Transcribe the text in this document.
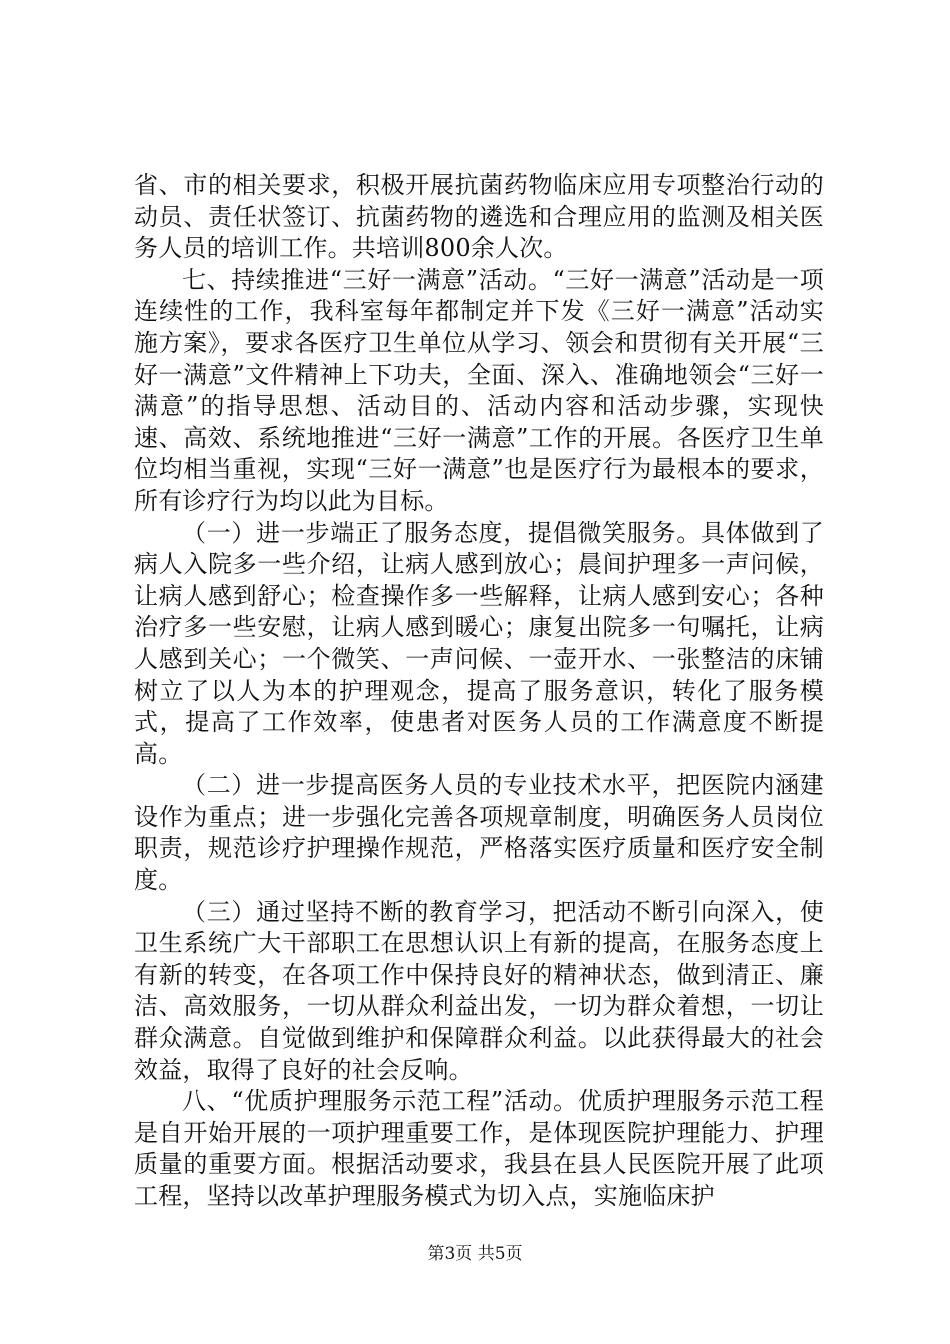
省、市的相关要求，积极开展抗菌药物临床应用专项整治行动的动员、责任状签订、抗菌药物的遴选和合理应用的监测及相关医务人员的培训工作。共培训800余人次。

七、持续推进“三好一满意”活动。“三好一满意”活动是一项连续性的工作，我科室每年都制定并下发《三好一满意”活动实施方案》，要求各医疗卫生单位从学习、领会和贯彻有关开展“三好一满意”文件精神上下功夫，全面、深入、准确地领会“三好一满意”的指导思想、活动目的、活动内容和活动步骤，实现快速、高效、系统地推进“三好一满意”工作的开展。各医疗卫生单位均相当重视，实现“三好一满意”也是医疗行为最根本的要求，所有诊疗行为均以此为目标。

（一）进一步端正了服务态度，提倡微笑服务。具体做到了病人入院多一些介绍，让病人感到放心；晨间护理多一声问候，让病人感到舒心；检查操作多一些解释，让病人感到安心；各种治疗多一些安慰，让病人感到暖心；康复出院多一句嘱托，让病人感到关心；一个微笑、一声问候、一壶开水、一张整洁的床铺树立了以人为本的护理观念，提高了服务意识，转化了服务模式，提高了工作效率，使患者对医务人员的工作满意度不断提高。

（二）进一步提高医务人员的专业技术水平，把医院内涵建设作为重点；进一步强化完善各项规章制度，明确医务人员岗位职责，规范诊疗护理操作规范，严格落实医疗质量和医疗安全制度。

（三）通过坚持不断的教育学习，把活动不断引向深入，使卫生系统广大干部职工在思想认识上有新的提高，在服务态度上有新的转变，在各项工作中保持良好的精神状态，做到清正、廉洁、高效服务，一切从群众利益出发，一切为群众着想，一切让群众满意。自觉做到维护和保障群众利益。以此获得最大的社会效益，取得了良好的社会反响。

八、“优质护理服务示范工程”活动。优质护理服务示范工程是自开始开展的一项护理重要工作，是体现医院护理能力、护理质量的重要方面。根据活动要求，我县在县人民医院开展了此项工程，坚持以改革护理服务模式为切入点，实施临床护

第3页 共5页
